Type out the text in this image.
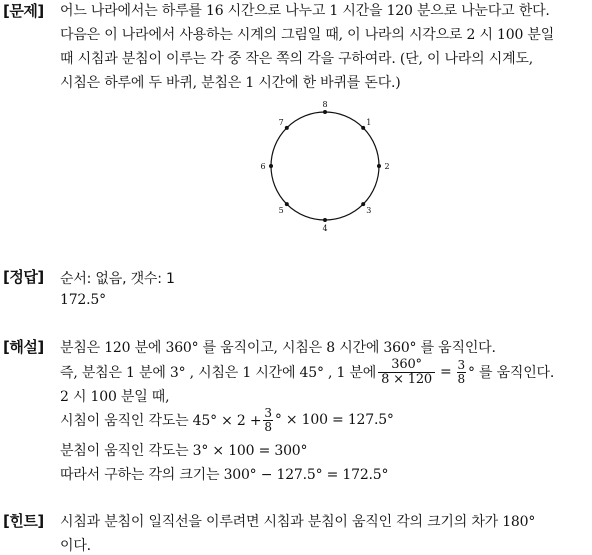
[문제] 어느 나라에서는 하루를 16 시간으로 나누고 1 시간을 120 분으로 나눈다고 한다.
다음은 이 나라에서 사용하는 시계의 그림일 때, 이 나라의 시각으로 2 시 100 분일
때 시침과 분침이 이루는 각 중 작은 쪽의 각을 구하여라. (단, 이 나라의 시계도,
시침은 하루에 두 바퀴, 분침은 1 시간에 한 바퀴를 돈다.)
8
1
2
3
4
5
6
7
[정답] 순서: 없음, 갯수: 1
172.5°
[해설] 분침은 120 분에 360° 를 움직이고, 시침은 8 시간에 360° 를 움직인다.
즉, 분침은 1 분에 3° , 시침은 1 시간에 45° , 1 분에 $\frac{360^\circ}{8 \times 120} = \frac{3}{8}$ ° 를 움직인다.
2 시 100 분일 때,
시침이 움직인 각도는 $45^\circ \times 2 + \frac{3}{8}$ ° × 100 = 127.5°
분침이 움직인 각도는 3° × 100 = 300°
따라서 구하는 각의 크기는 300° − 127.5° = 172.5°
[힌트] 시침과 분침이 일직선을 이루려면 시침과 분침이 움직인 각의 크기의 차가 180°
이다.
